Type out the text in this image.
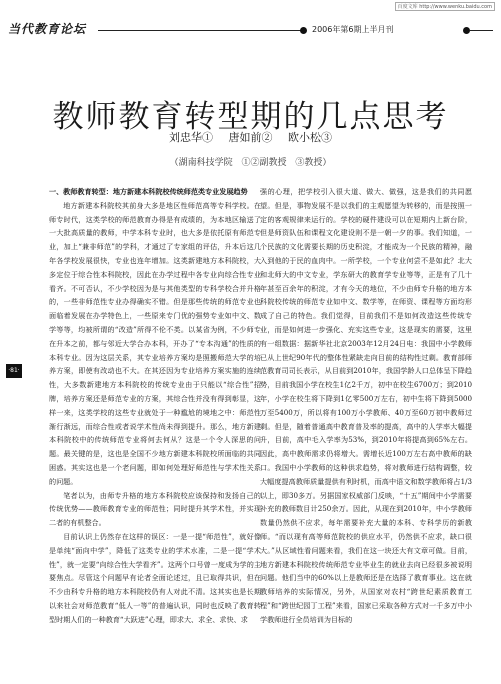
百度文库 http://www.wenku.baidu.com
当代教育论坛	2006年第6期上半月刊
教师教育转型期的几点思考
刘忠华① 唐如前② 欧小松③
（湖南科技学院 ①②副教授 ③教授）
·81·
一、教师教育转型：地方新建本科院校传统师范类专业发展趋势

地方新建本科院校其前身大多是地区性师范高等专科学校。在师专时代，这类学校的师范教育办得是有成绩的，为本地区输送了一大批高质量的教师，中学本科专业时，也大多是依托原有师范专业，加上“兼非师范”的学科，才通过了专家组的评估，升本后这几年各学校发展很快，专业也连年增加。这类新建地方本科院校，大多定位于综合性本科院校，因此在办学过程中各专业向综合性专业看齐。不可否认，不少学校因为是与其他类型的专科学校合并升格的，一些非师范性专业办得确实不错。但是那些传统的师范专业也面临着发展在办学特色上，一些原来专门优的强势专业如中文、数学等等，均被所谓的“改造”所得不伦不类。以某省为例，不少师专在升本之前，都与邻近大学合办本科，开办了“专本沟通”的性质的本科专业。因为这层关系，其专业培养方案均是照搬师范大学的培养方案，即使有改动也不大。在其还因为专业培养方案实施的连续性，大多数新建地方本科院校的传统专业由于只能以“综合性”招牌，培养方案还是师范专业的方案，其综合性并没有得到彰显，这样一来，这类学校的这些专业就处于一种尴尬的境地之中：师范性渐行渐远，而综合性或者说学术性尚未得到提升。那么，地方新建本科院校中的传统师范专业将何去何从？这是一个令人深思的问题。最关键的是，这也是全国不少地方新建本科院校所面临的共同困惑。其实这也是一个老问题，即如何处理好师范性与学术性关系的问题。

笔者以为，由师专升格的地方本科院校应该保持和发扬自己的传统优势——教师教育专业的师范性；同时提升其学术性，并实现二者的有机整合。

目前认识上仍然存在这样的误区：一是一提“师范性”，就好像是单纯“面向中学”，降低了这类专业的学术水准，二是一提“学术性”，就一定要“向综合性大学看齐”。这两个口号曾一度成为学的主要焦点。尽管这个问题早有论者全面论述过，且已取得共识，但在不少由科专升格的地方本科院校仍有人对此不清。这其实也是长期以来社会对师范教育“低人一等”的普遍认识，同时也反映了教育转型时期人们的一种教育“大跃进”心理，即求大、求全、求快、求

强的心理，把学校引入很大道、做大、做强，这是我们的共同愿望。但是，事物发展不是以我们的主观愿望为转移的，而是按照一定的客观规律来运行的。学校的硬件建设可以在短期内上新台阶，但是师资队伍和课程文化建设则不是一朝一夕的事。我们知道，一个民族的文化需要长期的历史积淀，才能成为一个民族的精神，融入到他的于民的血肉中。一所学校，一个专业何尝不是如此？北大和北师大的中文专业，学东研大的教育学专业等等，正是有了几十年甚至百余年的积淀，才有今天的地位，不少由师专升格的地方本科院校传统的师范专业如中文、数学等，在师资、课程等方面均形成了自己的特色。我们觉得，目前我们不是如何改造这些传统专业，而是如何进一步强化、充实这些专业，这是现实的需要，这里有一组数据：据新华社北京2003年12月24日电：我国中小学教师已从上世纪90年代的整体性紧缺走向目前的结构性过剩。教育部师范教育司司长表示，从目前到2010年，我国学龄人口总体呈下降趋势，目前我国小学在校生1亿2千万，初中在校生6700万；到2010年，小学在校生将下降到1亿零500万左右，初中生将下降到5000万至5400万，所以将有100万小学教师、40万至60万初中教师过剩。但是，随着普通高中教育普及率的提高，高中的人学率大幅提升，目前，高中毛入学率为53%，到2010年将提高到65%左右。因此，高中教师需求仍将增大。需增长近100万左右高中教师的缺口。我国中小学教师的这种供求趋势，将对教师进行结构调整，较大幅度提高教师质量提供有利时机，而高中语文和数学教师将占1/3以上，即30多万。另据国家权威部门反映，“十五”期间中小学需要补充的教师数目计250余万。因此，从现在到2010年，中小学教师数量仍然供不应求，每年需要补充大量的本科、专科学历的新教师。“而以现有高等师范院校的供应水平，仍然供不应求，缺口很大。”从区域性看问题来看，我们在这一块还大有文章可做。目前，地方新建本科院校传统师范专业毕业生的就业去向已经很多被说明问题。他们当中的60%以上是教师还是在选择了教育事业。这在就教师培养的实际情况，另外，从国家对农村“跨世纪素质教育工程”和“跨世纪园丁工程”来看，国家已采取各种方式对一千多万中小学教师进行全员培训为目标的
